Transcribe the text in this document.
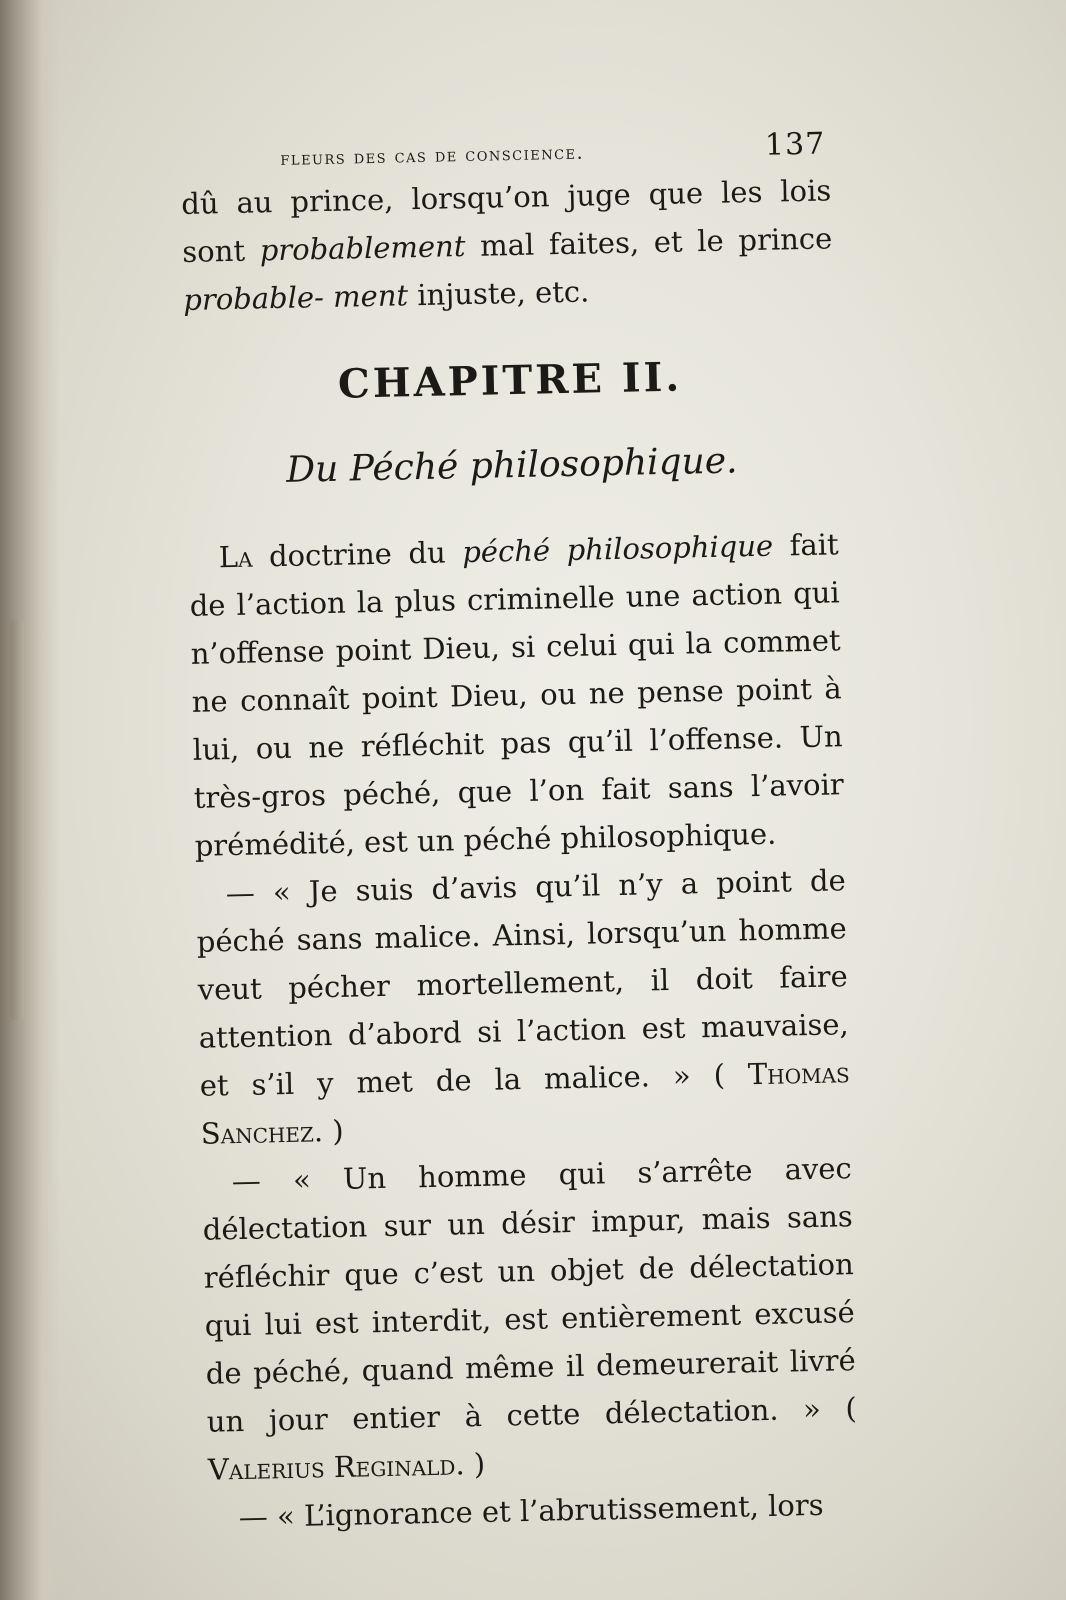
fleurs des cas de conscience.	137

dû au prince, lorsqu’on juge que les lois sont probablement mal faites, et le prince probable- ment injuste, etc.

CHAPITRE II.
Du Péché philosophique.

La doctrine du péché philosophique fait de l’action la plus criminelle une action qui n’offense point Dieu, si celui qui la commet ne connaît point Dieu, ou ne pense point à lui, ou ne réfléchit pas qu’il l’offense. Un très-gros péché, que l’on fait sans l’avoir prémédité, est un péché philosophique.

— « Je suis d’avis qu’il n’y a point de péché sans malice. Ainsi, lorsqu’un homme veut pécher mortellement, il doit faire attention d’abord si l’action est mauvaise, et s’il y met de la malice. » ( Thomas Sanchez. )

— « Un homme qui s’arrête avec délectation sur un désir impur, mais sans réfléchir que c’est un objet de délectation qui lui est interdit, est entièrement excusé de péché, quand même il demeurerait livré un jour entier à cette délectation. » ( Valerius Reginald. )

— « L’ignorance et l’abrutissement, lors
